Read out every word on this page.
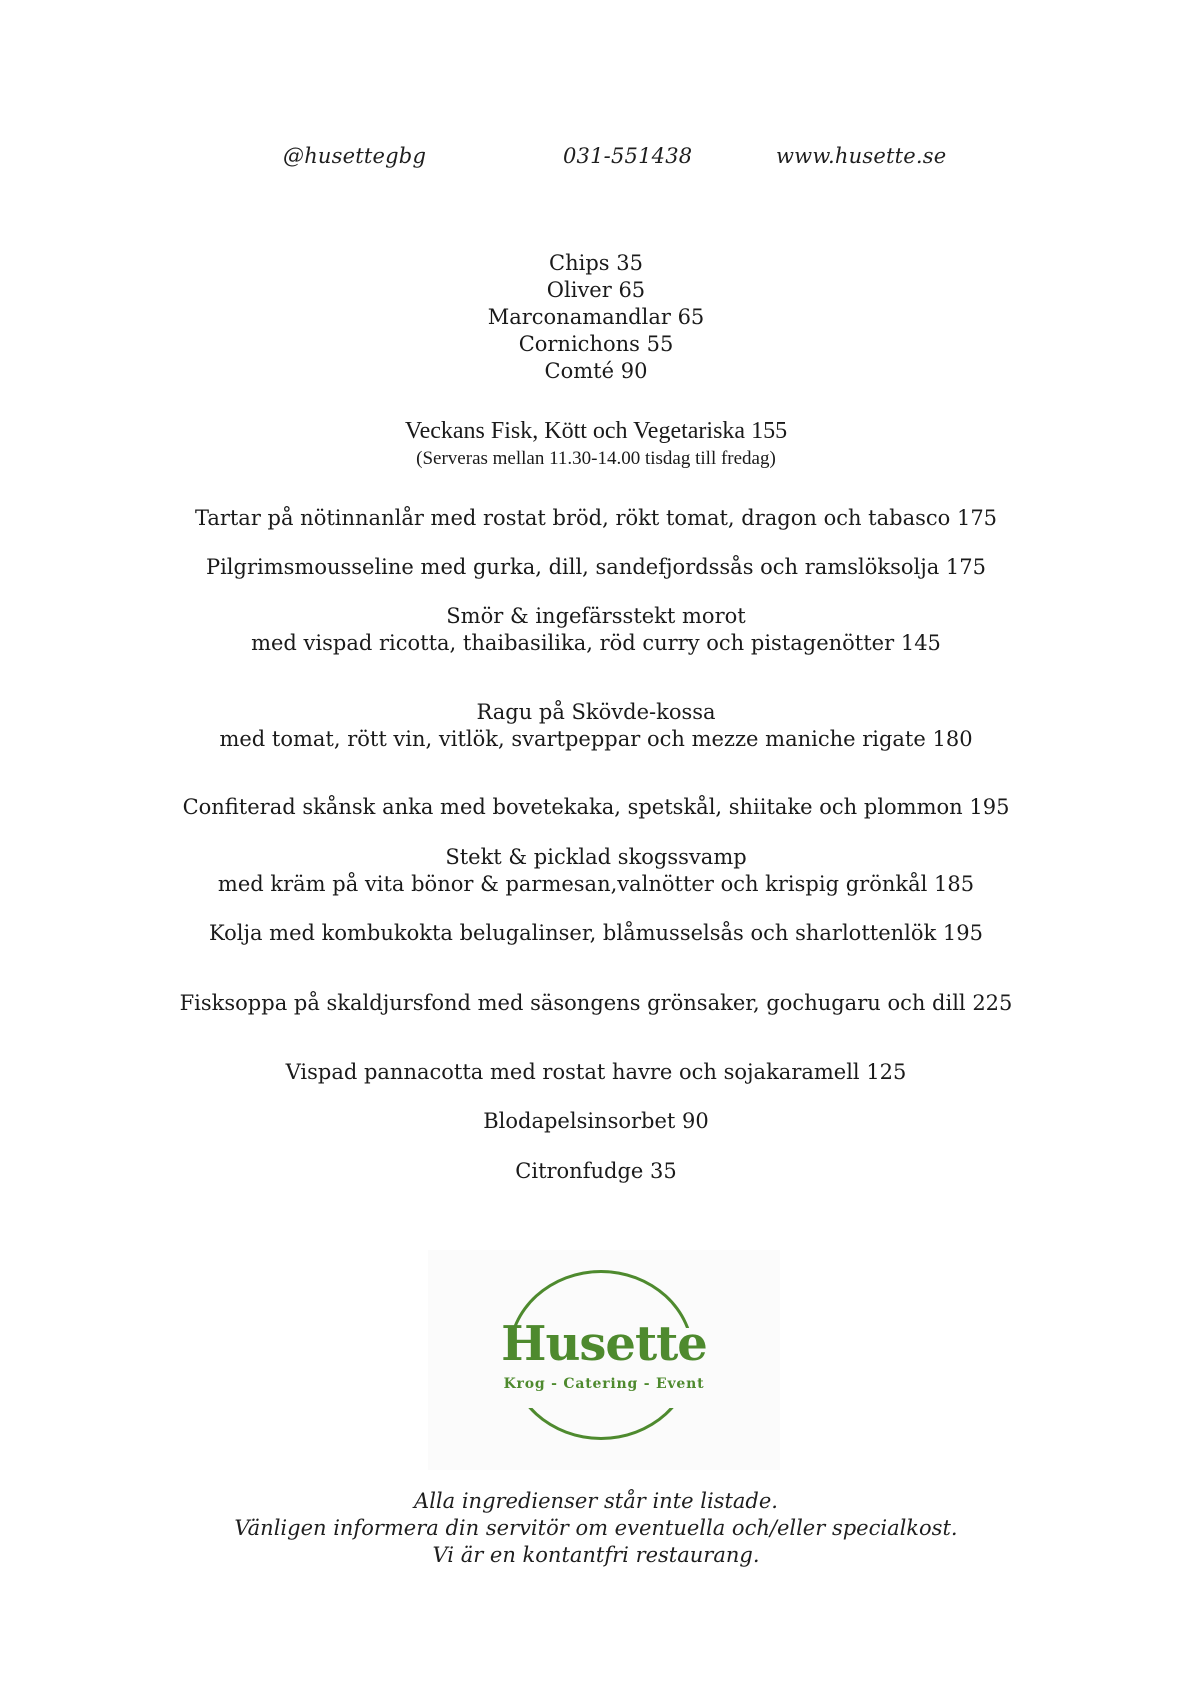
@husettegbg	031-551438	www.husette.se
Chips 35
Oliver 65
Marconamandlar 65
Cornichons 55
Comté 90
Veckans Fisk, Kött och Vegetariska 155
(Serveras mellan 11.30-14.00 tisdag till fredag)
Tartar på nötinnanlår med rostat bröd, rökt tomat, dragon och tabasco 175
Pilgrimsmousseline med gurka, dill, sandefjordssås och ramslöksolja 175
Smör & ingefärsstekt morot
med vispad ricotta, thaibasilika, röd curry och pistagenötter 145
Ragu på Skövde-kossa
med tomat, rött vin, vitlök, svartpeppar och mezze maniche rigate 180
Confiterad skånsk anka med bovetekaka, spetskål, shiitake och plommon 195
Stekt & picklad skogssvamp
med kräm på vita bönor & parmesan,valnötter och krispig grönkål 185
Kolja med kombukokta belugalinser, blåmusselsås och sharlottenlök 195
Fisksoppa på skaldjursfond med säsongens grönsaker, gochugaru och dill 225
Vispad pannacotta med rostat havre och sojakaramell 125
Blodapelsinsorbet 90
Citronfudge 35
Husette
Krog - Catering - Event
Alla ingredienser står inte listade.
Vänligen informera din servitör om eventuella och/eller specialkost.
Vi är en kontantfri restaurang.
